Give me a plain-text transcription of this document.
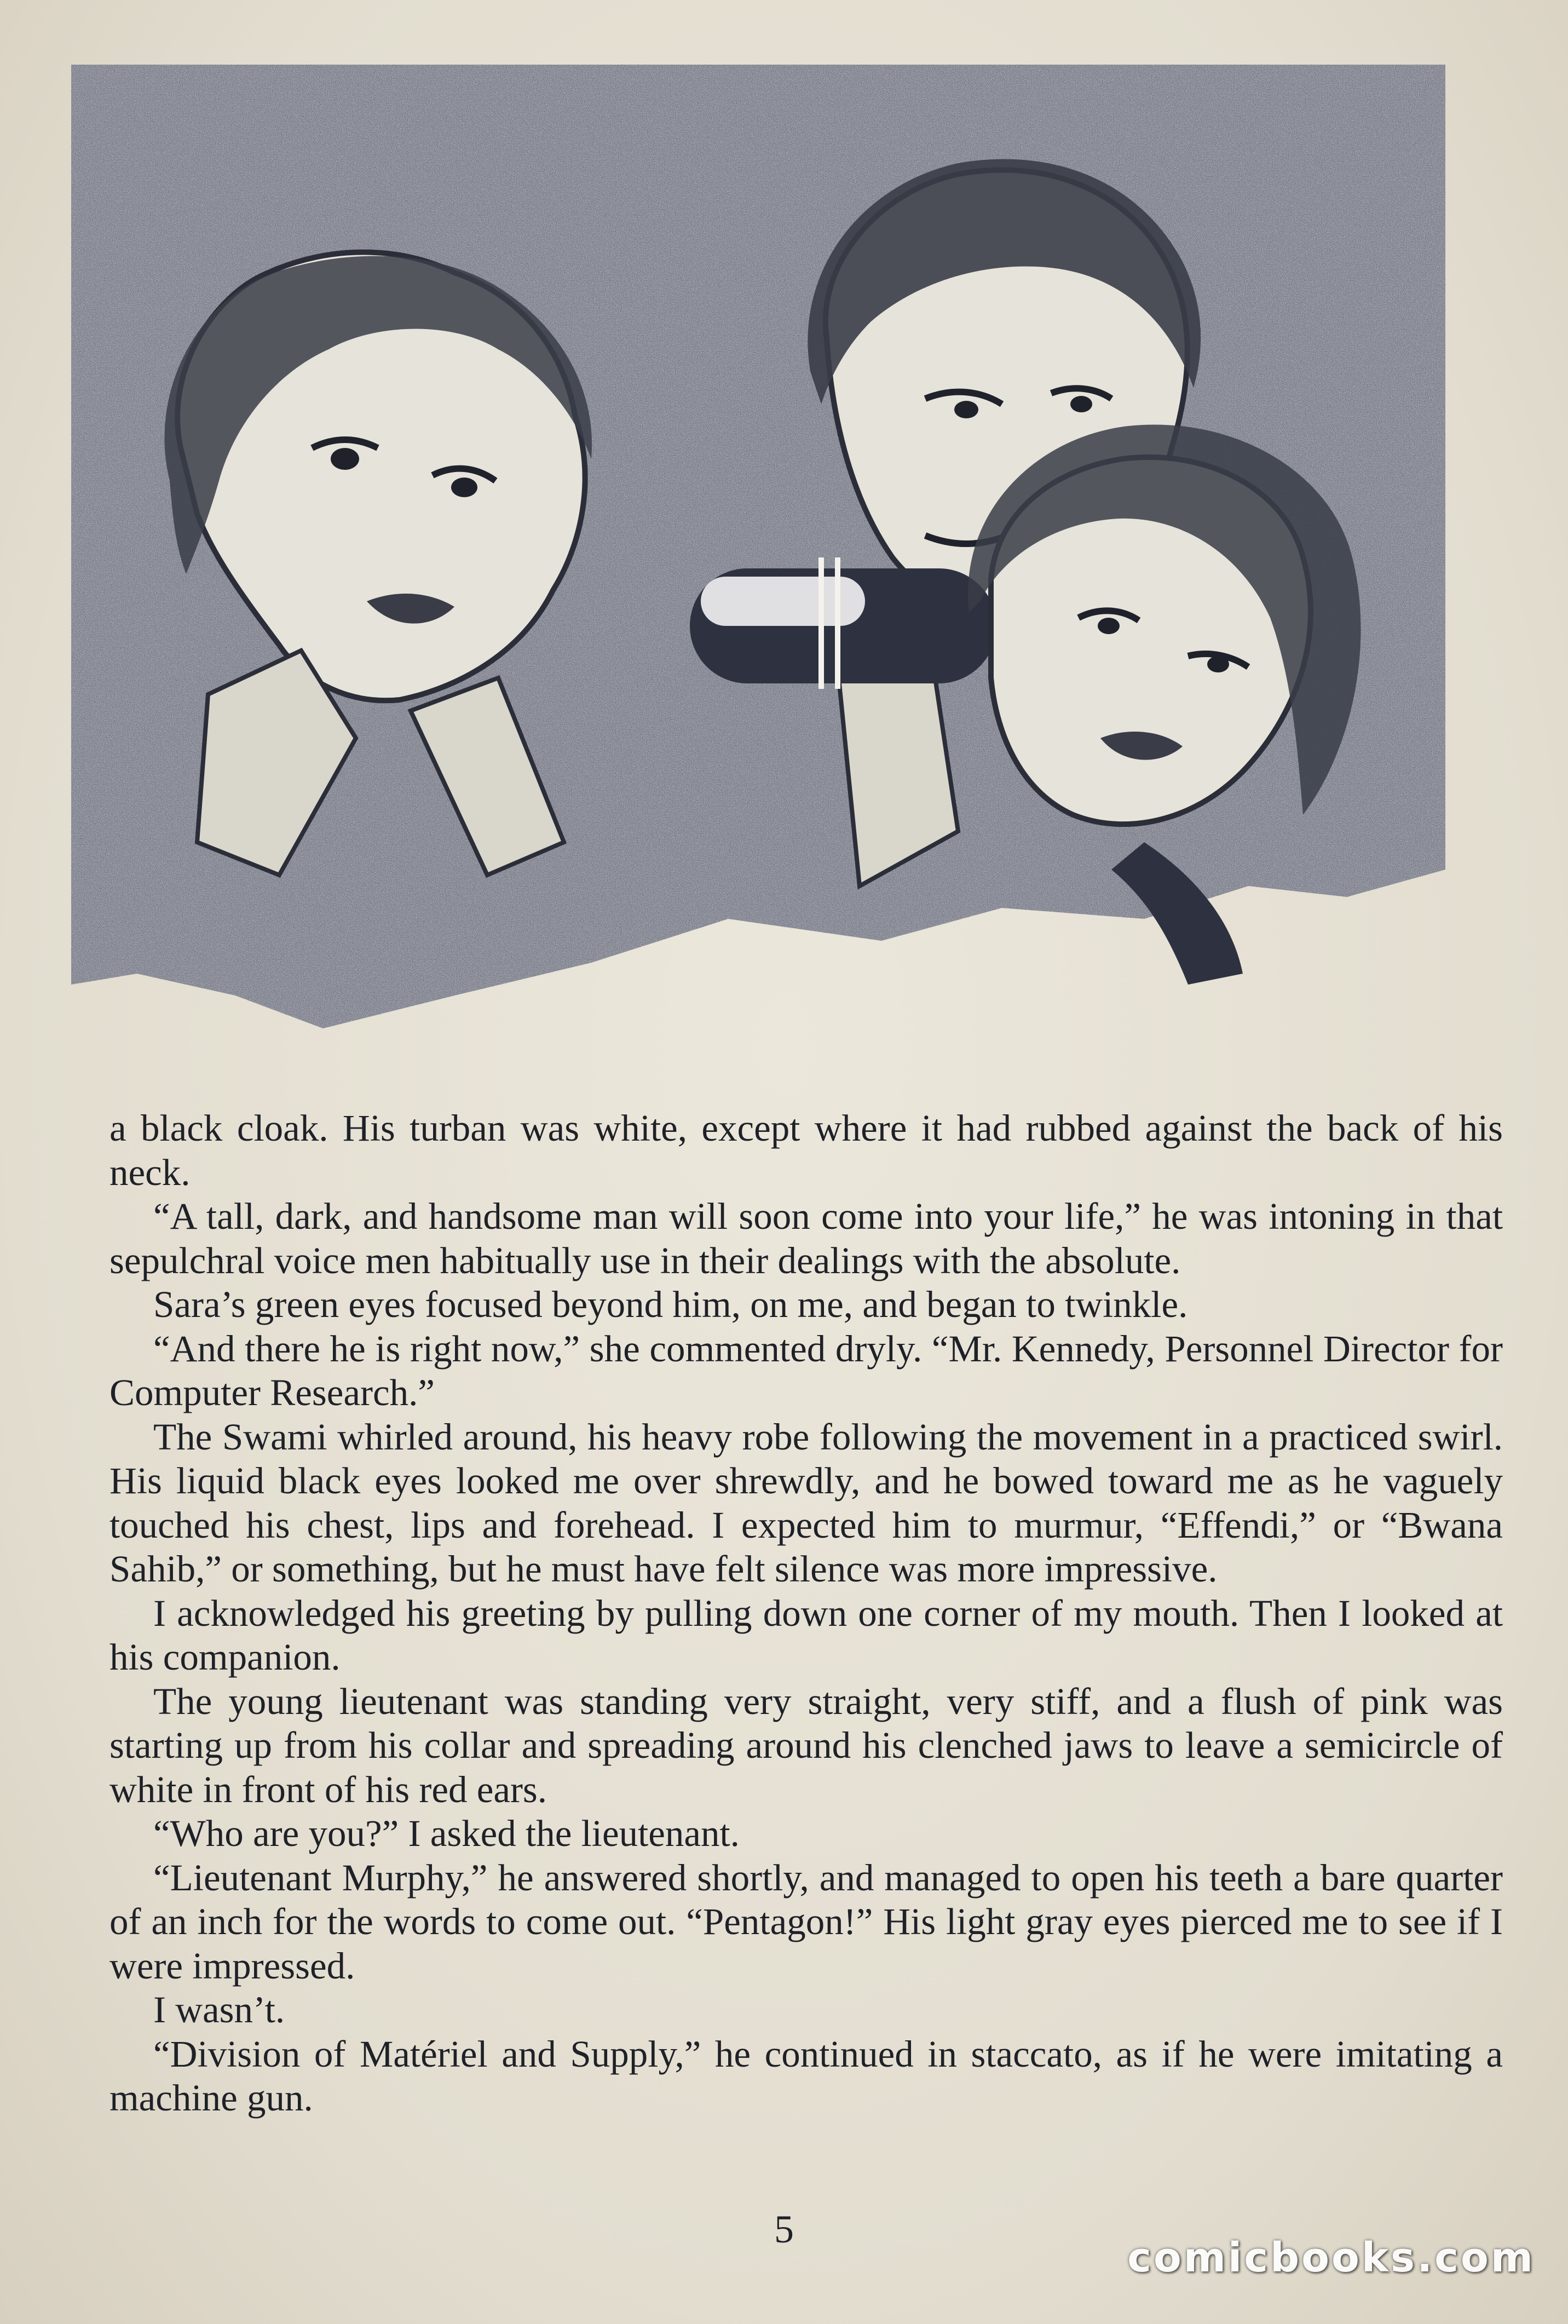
a black cloak. His turban was white, except where it had rubbed against the back of his neck.

“A tall, dark, and handsome man will soon come into your life,” he was intoning in that sepulchral voice men habitually use in their dealings with the absolute.

Sara’s green eyes focused beyond him, on me, and began to twinkle.

“And there he is right now,” she commented dryly. “Mr. Kennedy, Personnel Director for Computer Research.”

The Swami whirled around, his heavy robe following the movement in a practiced swirl. His liquid black eyes looked me over shrewdly, and he bowed toward me as he vaguely touched his chest, lips and forehead. I expected him to murmur, “Effendi,” or “Bwana Sahib,” or something, but he must have felt silence was more impressive.

I acknowledged his greeting by pulling down one corner of my mouth. Then I looked at his companion.

The young lieutenant was standing very straight, very stiff, and a flush of pink was starting up from his collar and spreading around his clenched jaws to leave a semicircle of white in front of his red ears.

“Who are you?” I asked the lieutenant.

“Lieutenant Murphy,” he answered shortly, and managed to open his teeth a bare quarter of an inch for the words to come out. “Pentagon!” His light gray eyes pierced me to see if I were impressed.

I wasn’t.

“Division of Matériel and Supply,” he continued in staccato, as if he were imitating a machine gun.

5
comicbooks.com
